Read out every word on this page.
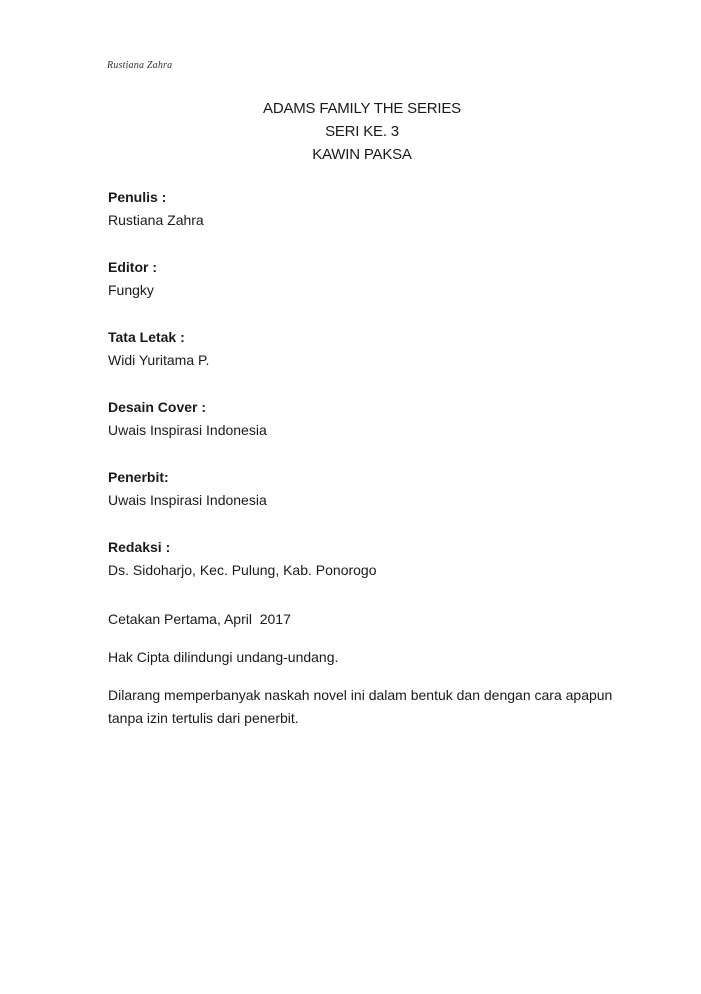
Rustiana Zahra
ADAMS FAMILY THE SERIES
SERI KE. 3
KAWIN PAKSA
Penulis :
Rustiana Zahra
Editor :
Fungky
Tata Letak :
Widi Yuritama P.
Desain Cover :
Uwais Inspirasi Indonesia
Penerbit:
Uwais Inspirasi Indonesia
Redaksi :
Ds. Sidoharjo, Kec. Pulung, Kab. Ponorogo
Cetakan Pertama, April  2017
Hak Cipta dilindungi undang-undang.
Dilarang memperbanyak naskah novel ini dalam bentuk dan dengan cara apapun tanpa izin tertulis dari penerbit.
